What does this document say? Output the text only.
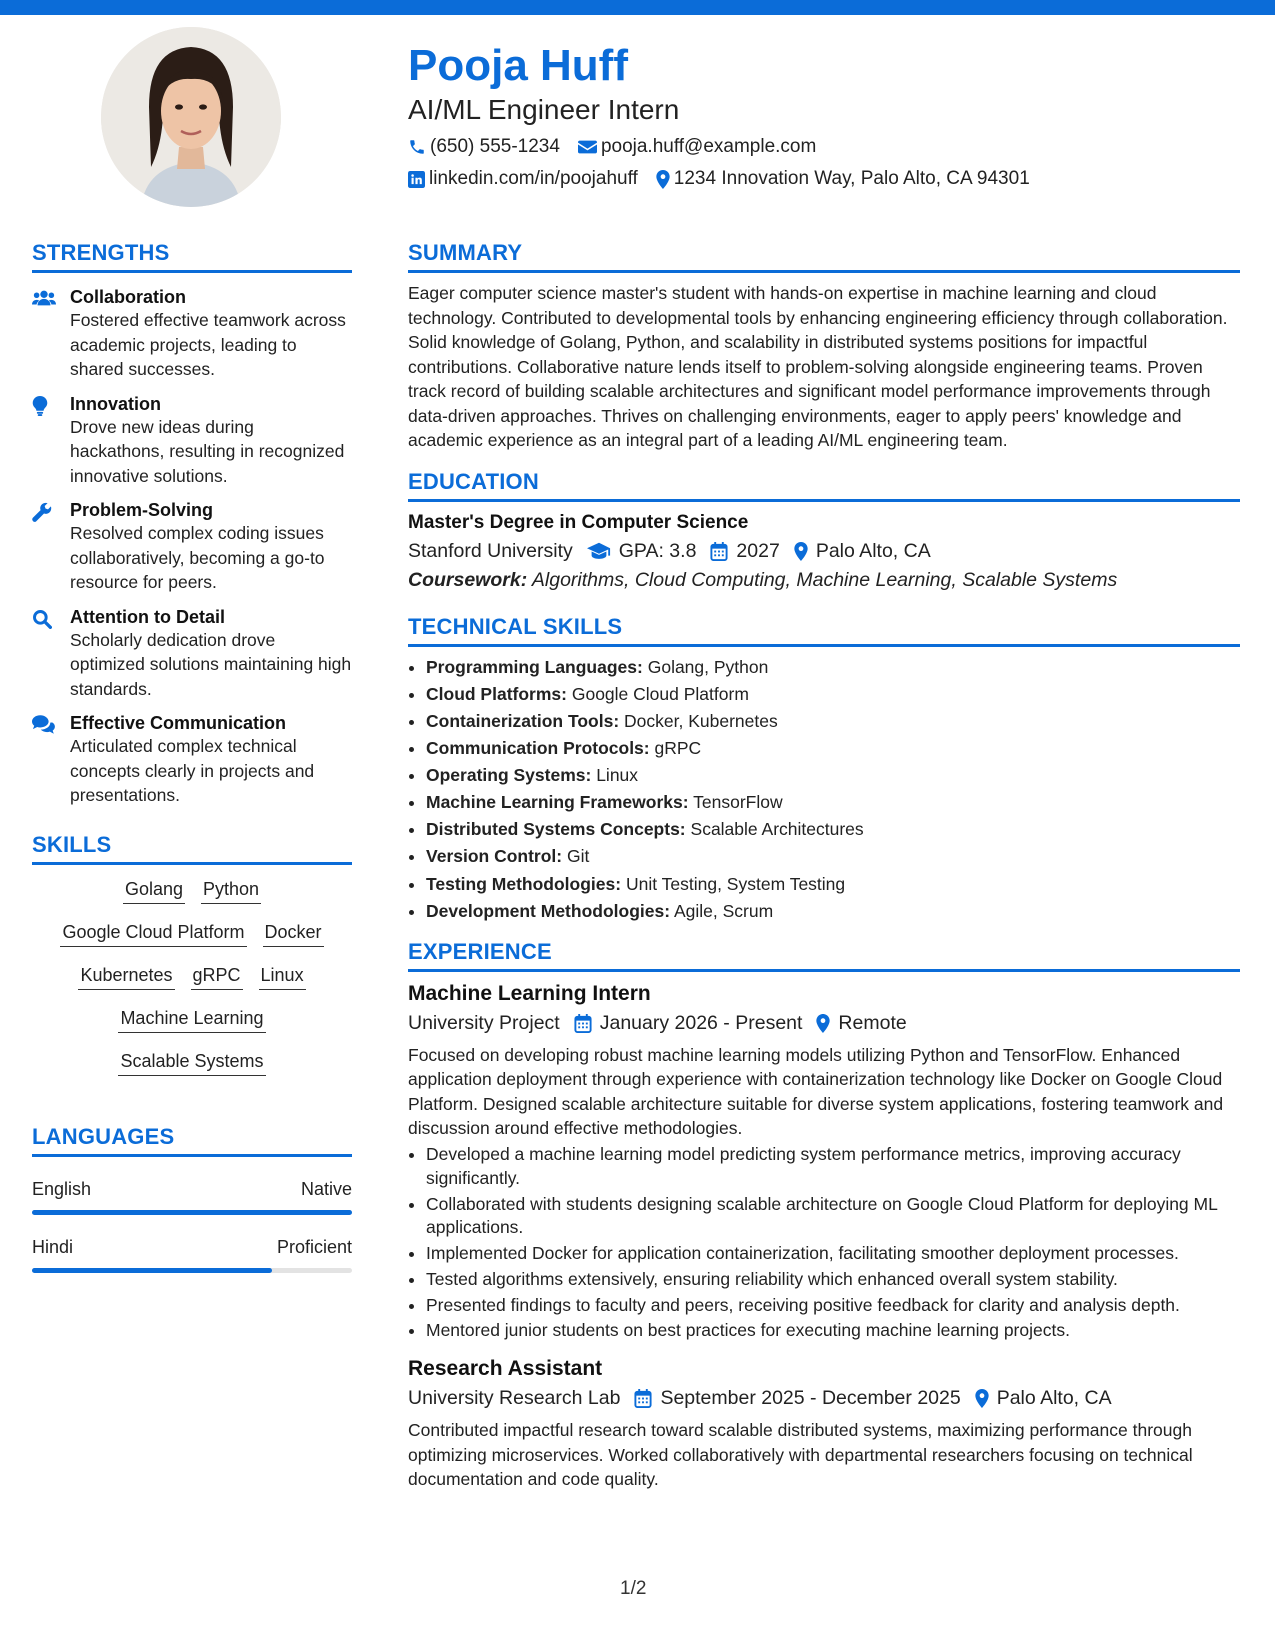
Pooja Huff
AI/ML Engineer Intern
(650) 555-1234 pooja.huff@example.com
linkedin.com/in/poojahuff 1234 Innovation Way, Palo Alto, CA 94301
STRENGTHS
Collaboration
Fostered effective teamwork across academic projects, leading to shared successes.
Innovation
Drove new ideas during hackathons, resulting in recognized innovative solutions.
Problem-Solving
Resolved complex coding issues collaboratively, becoming a go-to resource for peers.
Attention to Detail
Scholarly dedication drove optimized solutions maintaining high standards.
Effective Communication
Articulated complex technical concepts clearly in projects and presentations.
SKILLS
Golang Python
Google Cloud Platform Docker
Kubernetes gRPC Linux
Machine Learning
Scalable Systems
LANGUAGES
English	Native
Hindi	Proficient
SUMMARY

Eager computer science master's student with hands-on expertise in machine learning and cloud technology. Contributed to developmental tools by enhancing engineering efficiency through collaboration. Solid knowledge of Golang, Python, and scalability in distributed systems positions for impactful contributions. Collaborative nature lends itself to problem-solving alongside engineering teams. Proven track record of building scalable architectures and significant model performance improvements through data-driven approaches. Thrives on challenging environments, eager to apply peers' knowledge and academic experience as an integral part of a leading AI/ML engineering team.

EDUCATION
Master's Degree in Computer Science
Stanford University GPA: 3.8 2027 Palo Alto, CA
Coursework: Algorithms, Cloud Computing, Machine Learning, Scalable Systems
TECHNICAL SKILLS
• Programming Languages: Golang, Python
• Cloud Platforms: Google Cloud Platform
• Containerization Tools: Docker, Kubernetes
• Communication Protocols: gRPC
• Operating Systems: Linux
• Machine Learning Frameworks: TensorFlow
• Distributed Systems Concepts: Scalable Architectures
• Version Control: Git
• Testing Methodologies: Unit Testing, System Testing
• Development Methodologies: Agile, Scrum
EXPERIENCE
Machine Learning Intern
University Project January 2026 - Present Remote

Focused on developing robust machine learning models utilizing Python and TensorFlow. Enhanced application deployment through experience with containerization technology like Docker on Google Cloud Platform. Designed scalable architecture suitable for diverse system applications, fostering teamwork and discussion around effective methodologies.

• Developed a machine learning model predicting system performance metrics, improving accuracy significantly.
• Collaborated with students designing scalable architecture on Google Cloud Platform for deploying ML applications.
• Implemented Docker for application containerization, facilitating smoother deployment processes.
• Tested algorithms extensively, ensuring reliability which enhanced overall system stability.
• Presented findings to faculty and peers, receiving positive feedback for clarity and analysis depth.
• Mentored junior students on best practices for executing machine learning projects.
Research Assistant
University Research Lab September 2025 - December 2025 Palo Alto, CA

Contributed impactful research toward scalable distributed systems, maximizing performance through optimizing microservices. Worked collaboratively with departmental researchers focusing on technical documentation and code quality.

1/2
